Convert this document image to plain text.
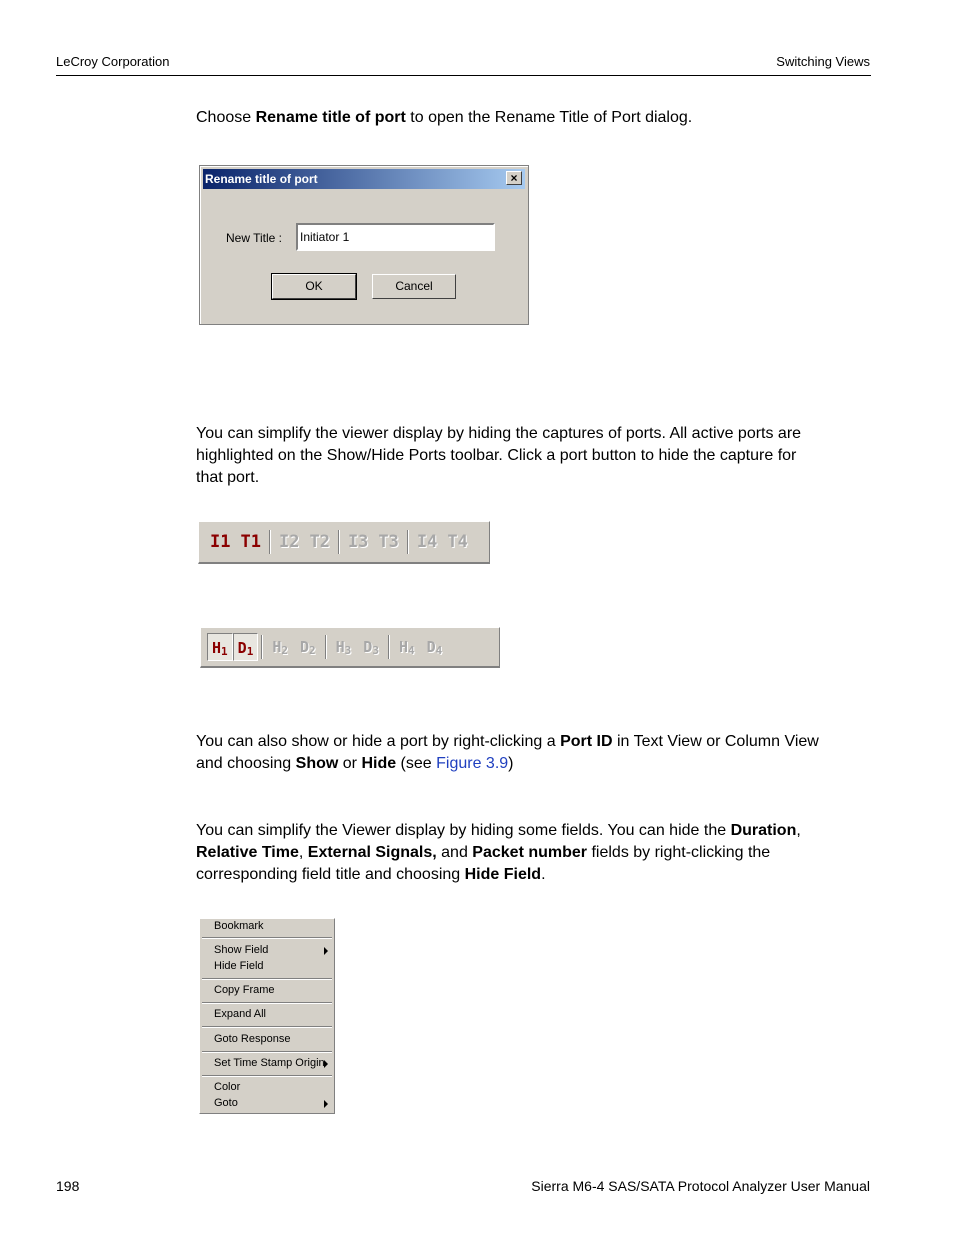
LeCroy Corporation	Switching Views
Choose Rename title of port to open the Rename Title of Port dialog.
Rename title of port	×
New Title :
Initiator 1
OK	Cancel
You can simplify the viewer display by hiding the captures of ports. All active ports are
highlighted on the Show/Hide Ports toolbar. Click a port button to hide the capture for
that port.
I1 T1 I2 T2 I3 T3 I4 T4
$H_1$ $D_1$	$H_2$ $D_2$	$H_3$ $D_3$	$H_4$ $D_4$
You can also show or hide a port by right-clicking a Port ID in Text View or Column View
and choosing Show or Hide (see Figure 3.9)
You can simplify the Viewer display by hiding some fields. You can hide the Duration,
Relative Time, External Signals, and Packet number fields by right-clicking the
corresponding field title and choosing Hide Field.
Bookmark
Show Field
Hide Field
Copy Frame
Expand All
Goto Response
Set Time Stamp Origin
Color
Goto
198	Sierra M6-4 SAS/SATA Protocol Analyzer User Manual
